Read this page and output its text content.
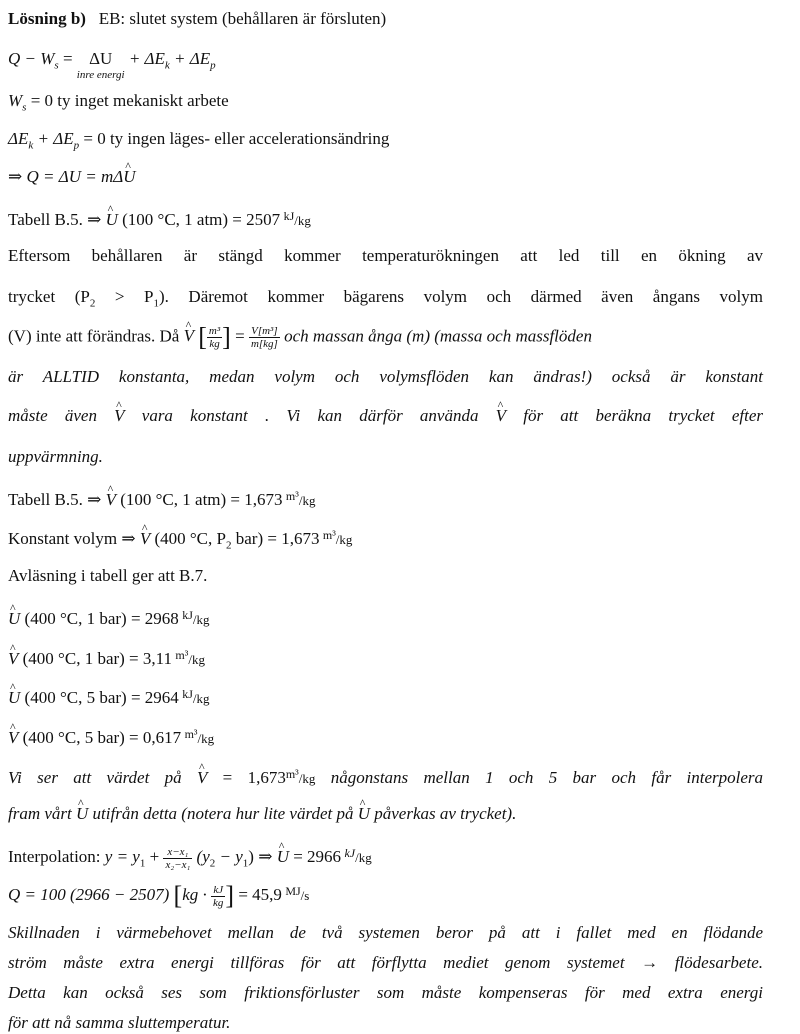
Lösning b) EB: slutet system (behållaren är försluten)
$Q - W_s = \Delta U$
inre energi
+ $\Delta E_k + \Delta E_p$
$W_s = 0$ ty inget mekaniskt arbete
$\Delta E_k + \Delta E_p = 0$ ty ingen läges- eller accelerationsändring
⇒ Q = ΔU = mΔ^ U
Tabell B.5. ⇒ ^ U (100 °C, 1 atm) = 2507  $^{kJ}$/kg
Eftersom behållaren är stängd kommer temperaturökningen att led till en ökning av
trycket $(P_2 > P_1)$. Däremot kommer bägarens volym och därmed även ångans volym
(V) inte att förändras. Då ^ V [ $\frac{\text{m³}}{kg}$ ] = $\frac{\text{V[m³]}}{m[kg]}$ och massan ånga (m) (massa och massflöden
är ALLTID konstanta, medan volym och volymsflöden kan ändras!) också är konstant
måste även ^ V vara konstant . Vi kan därför använda ^ V för att beräkna trycket efter
uppvärmning.
Tabell B.5. ⇒ ^ V (100 °C, 1 atm) = 1,673  $^{m^3}$/kg
Konstant volym ⇒ ^ V (400 °C, $P_2$ bar) = 1,673  $^{m^3}$/kg
Avläsning i tabell ger att B.7.
^ U (400 °C, 1 bar) = 2968  $^{kJ}$/kg
^ V (400 °C, 1 bar) = 3,11  $^{m^3}$/kg
^ U (400 °C, 5 bar) = 2964  $^{kJ}$/kg
^ V (400 °C, 5 bar) = 0,617  $^{m^3}$/kg
Vi ser att värdet på ^ $V = 1,673^{m^3}/kg$ någonstans mellan 1 och 5 bar och får interpolera
fram vårt ^ U utifrån detta (notera hur lite värdet på ^ U påverkas av trycket).
Interpolation: $y = y_1 + \frac{\text{x−x₁}}{\text{x₂−x₁}} (y_2 - y_1)$ ⇒ ^ U = 2966  $^{kJ}$/kg
Q = 100 (2966 − 2507) [$kg \cdot \frac{kJ}{kg}$ ] = 45,9  $^{MJ}$/s
Skillnaden i värmebehovet mellan de två systemen beror på att i fallet med en flödande
ström måste extra energi tillföras för att förflytta mediet genom systemet → flödesarbete.
Detta kan också ses som friktionsförluster som måste kompenseras för med extra energi
för att nå samma sluttemperatur.
